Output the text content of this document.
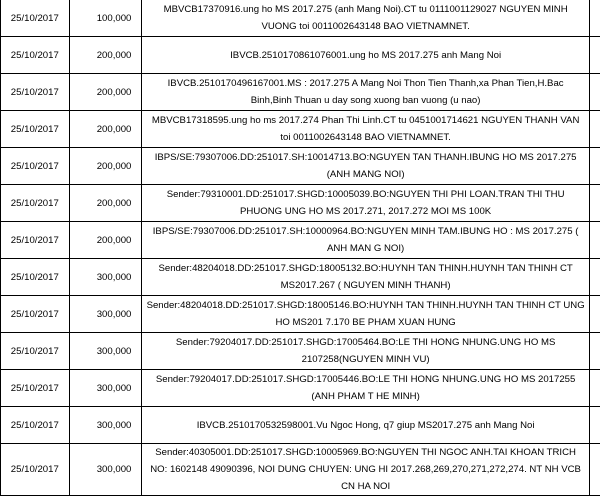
25/10/2017	100,000	MBVCB17370916.ung ho MS 2017.275 (anh Mang Noi).CT tu 0111001129027 NGUYEN MINH VUONG toi 0011002643148 BAO VIETNAMNET.	
25/10/2017	200,000	IBVCB.2510170861076001.ung ho MS 2017.275 anh Mang Noi	
25/10/2017	200,000	IBVCB.2510170496167001.MS : 2017.275 A Mang Noi Thon Tien Thanh,xa Phan Tien,H.Bac Binh,Binh Thuan u day song xuong ban vuong (u nao)	
25/10/2017	200,000	MBVCB17318595.ung ho ms 2017.274 Phan Thi Linh.CT tu 0451001714621 NGUYEN THANH VAN toi 0011002643148 BAO VIETNAMNET.	
25/10/2017	200,000	IBPS/SE:79307006.DD:251017.SH:10014713.BO:NGUYEN TAN THANH.IBUNG HO MS 2017.275 (ANH MANG NOI)	
25/10/2017	200,000	Sender:79310001.DD:251017.SHGD:10005039.BO:NGUYEN THI PHI LOAN.TRAN THI THU PHUONG UNG HO MS 2017.271, 2017.272 MOI MS 100K	
25/10/2017	200,000	IBPS/SE:79307006.DD:251017.SH:10000964.BO:NGUYEN MINH TAM.IBUNG HO : MS 2017.275 ( ANH MAN G NOI)	
25/10/2017	300,000	Sender:48204018.DD:251017.SHGD:18005132.BO:HUYNH TAN THINH.HUYNH TAN THINH CT MS2017.267 ( NGUYEN MINH THANH)	
25/10/2017	300,000	Sender:48204018.DD:251017.SHGD:18005146.BO:HUYNH TAN THINH.HUYNH TAN THINH CT UNG HO MS201 7.170 BE PHAM XUAN HUNG	
25/10/2017	300,000	Sender:79204017.DD:251017.SHGD:17005464.BO:LE THI HONG NHUNG.UNG HO MS 2107258(NGUYEN MINH VU)	
25/10/2017	300,000	Sender:79204017.DD:251017.SHGD:17005446.BO:LE THI HONG NHUNG.UNG HO MS 2017255 (ANH PHAM T HE MINH)	
25/10/2017	300,000	IBVCB.2510170532598001.Vu Ngoc Hong, q7 giup MS2017.275 anh Mang Noi	
25/10/2017	300,000	Sender:40305001.DD:251017.SHGD:10005969.BO:NGUYEN THI NGOC ANH.TAI KHOAN TRICH NO: 1602148 49090396, NOI DUNG CHUYEN: UNG HI 2017.268,269,270,271,272,274. NT NH VCB CN HA NOI	
